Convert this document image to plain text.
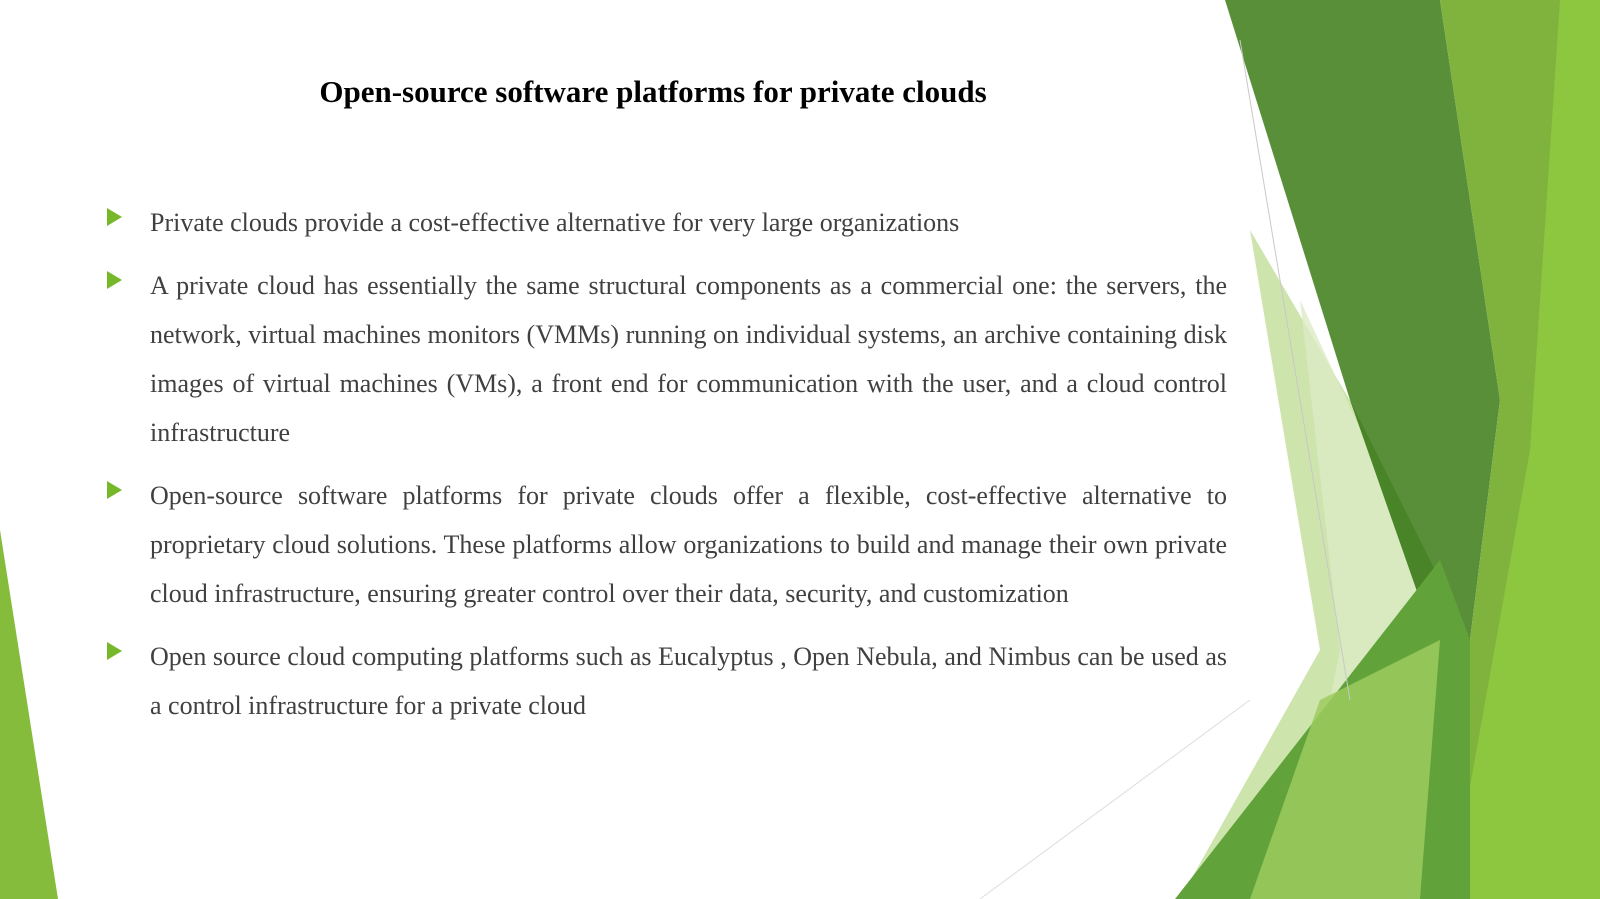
Open-source software platforms for private clouds
Private clouds provide a cost-effective alternative for very large organizations
A private cloud has essentially the same structural components as a commercial one: the servers, the network, virtual machines monitors (VMMs) running on individual systems, an archive containing disk images of virtual machines (VMs), a front end for communication with the user, and a cloud control infrastructure
Open-source software platforms for private clouds offer a flexible, cost-effective alternative to proprietary cloud solutions. These platforms allow organizations to build and manage their own private cloud infrastructure, ensuring greater control over their data, security, and customization
Open source cloud computing platforms such as Eucalyptus , Open Nebula, and Nimbus can be used as a control infrastructure for a private cloud
